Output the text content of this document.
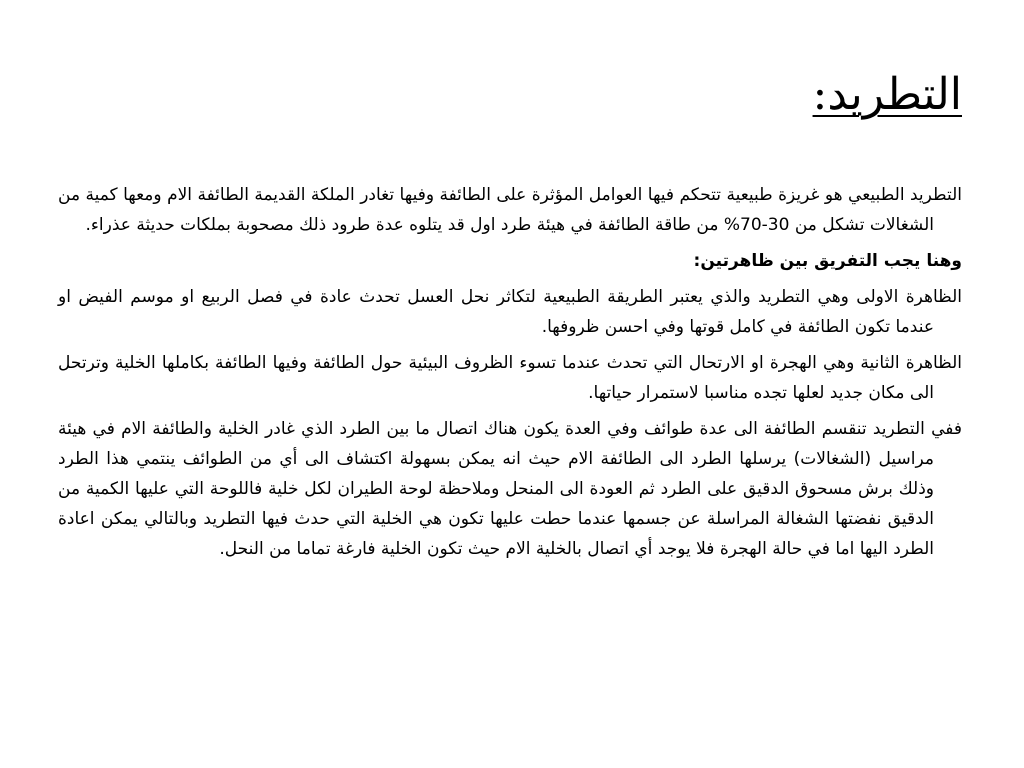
التطريد:

التطريد الطبيعي هو غريزة طبيعية تتحكم فيها العوامل المؤثرة على الطائفة وفيها تغادر الملكة القديمة الطائفة الام ومعها كمية من الشغالات تشكل من 30-70% من طاقة الطائفة في هيئة طرد اول قد يتلوه عدة طرود ذلك مصحوبة بملكات حديثة عذراء.

وهنا يجب التفريق بين ظاهرتين:

الظاهرة الاولى وهي التطريد والذي يعتبر الطريقة الطبيعية لتكاثر نحل العسل تحدث عادة في فصل الربيع او موسم الفيض او عندما تكون الطائفة في كامل قوتها وفي احسن ظروفها.

الظاهرة الثانية وهي الهجرة او الارتحال التي تحدث عندما تسوء الظروف البيئية حول الطائفة وفيها الطائفة بكاملها الخلية وترتحل الى مكان جديد لعلها تجده مناسبا لاستمرار حياتها.

ففي التطريد تنقسم الطائفة الى عدة طوائف وفي العدة يكون هناك اتصال ما بين الطرد الذي غادر الخلية والطائفة الام في هيئة مراسيل (الشغالات) يرسلها الطرد الى الطائفة الام حيث انه يمكن بسهولة اكتشاف الى أي من الطوائف ينتمي هذا الطرد وذلك برش مسحوق الدقيق على الطرد ثم العودة الى المنحل وملاحظة لوحة الطيران لكل خلية فاللوحة التي عليها الكمية من الدقيق نفضتها الشغالة المراسلة عن جسمها عندما حطت عليها تكون هي الخلية التي حدث فيها التطريد وبالتالي يمكن اعادة الطرد اليها اما في حالة الهجرة فلا يوجد أي اتصال بالخلية الام حيث تكون الخلية فارغة تماما من النحل.
